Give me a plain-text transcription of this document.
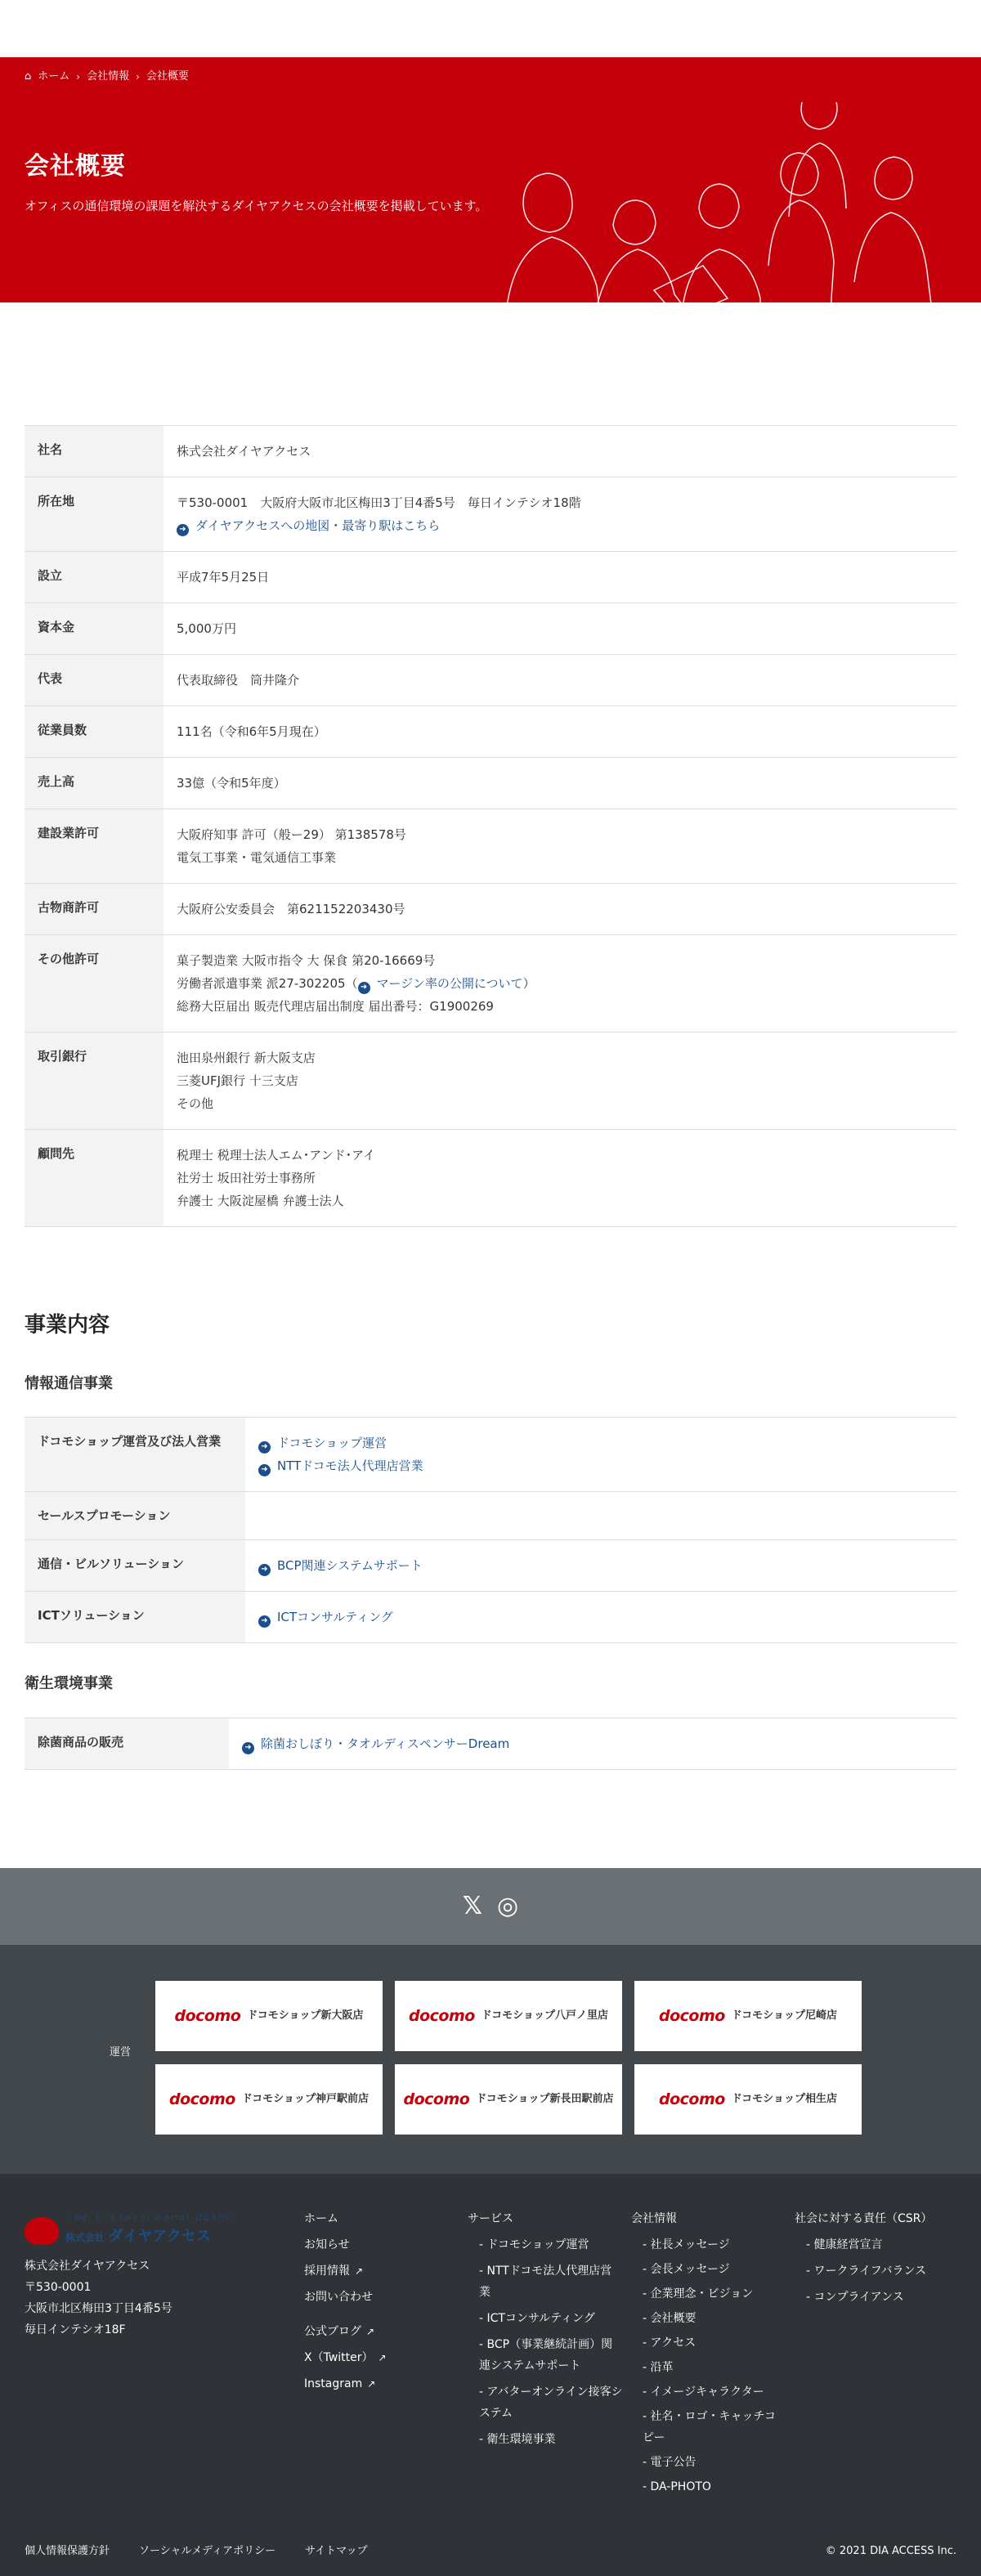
⌂ ホーム › 会社情報 › 会社概要
会社概要

オフィスの通信環境の課題を解決するダイヤアクセスの会社概要を掲載しています。

社名	株式会社ダイヤアクセス

所在地	〒530-0001　大阪府大阪市北区梅田3丁目4番5号　毎日インテシオ18階
➜ ダイヤアクセスへの地図・最寄り駅はこちら

設立	平成7年5月25日

資本金	5,000万円

代表	代表取締役　筒井隆介

従業員数	111名（令和6年5月現在）

売上高	33億（令和5年度）

建設業許可	大阪府知事 許可（般ー29） 第138578号
電気工事業・電気通信工事業

古物商許可	大阪府公安委員会　第621152203430号

その他許可	菓子製造業 大阪市指令 大 保食 第20-16669号
労働者派遣事業 派27-302205（ ➜ マージン率の公開について）
総務大臣届出 販売代理店届出制度 届出番号：G1900269

取引銀行	池田泉州銀行 新大阪支店
三菱UFJ銀行 十三支店
その他

顧問先	税理士 税理士法人エム･アンド･アイ
社労士 坂田社労士事務所
弁護士 大阪淀屋橋 弁護士法人
事業内容
情報通信事業
ドコモショップ運営及び法人営業	➜ ドコモショップ運営
➜ NTTドコモ法人代理店営業

セールスプロモーション	
通信・ビルソリューション	➜ BCP関連システムサポート

ICTソリューション	➜ ICTコンサルティング
衛生環境事業
除菌商品の販売	➜ 除菌おしぼり・タオルディスペンサーDream
𝕏 ◎
運営
docomo ドコモショップ新大阪店	docomo ドコモショップ八戸ノ里店	docomo ドコモショップ尼崎店
docomo ドコモショップ神戸駅前店 docomo ドコモショップ新長田駅前店	docomo ドコモショップ相生店
「幸せ」と「ありがとう」の かけはし になりたい
株式会社 ダイヤアクセス
株式会社ダイヤアクセス
〒530-0001
大阪市北区梅田3丁目4番5号
毎日インテシオ18F
ホーム
お知らせ
採用情報 ↗
お問い合わせ
公式ブログ ↗
X（Twitter） ↗
Instagram ↗
サービス
- ドコモショップ運営
- NTTドコモ法人代理店営業
- ICTコンサルティング
- BCP（事業継続計画）関連システムサポート
- アバターオンライン接客システム
- 衛生環境事業
会社情報
- 社長メッセージ
- 会長メッセージ
- 企業理念・ビジョン
- 会社概要
- アクセス
- 沿革
- イメージキャラクター
- 社名・ロゴ・キャッチコピー
- 電子公告
- DA-PHOTO
社会に対する責任（CSR）
- 健康経営宣言
- ワークライフバランス
- コンプライアンス
個人情報保護方針	ソーシャルメディアポリシー	サイトマップ	© 2021 DIA ACCESS Inc.
